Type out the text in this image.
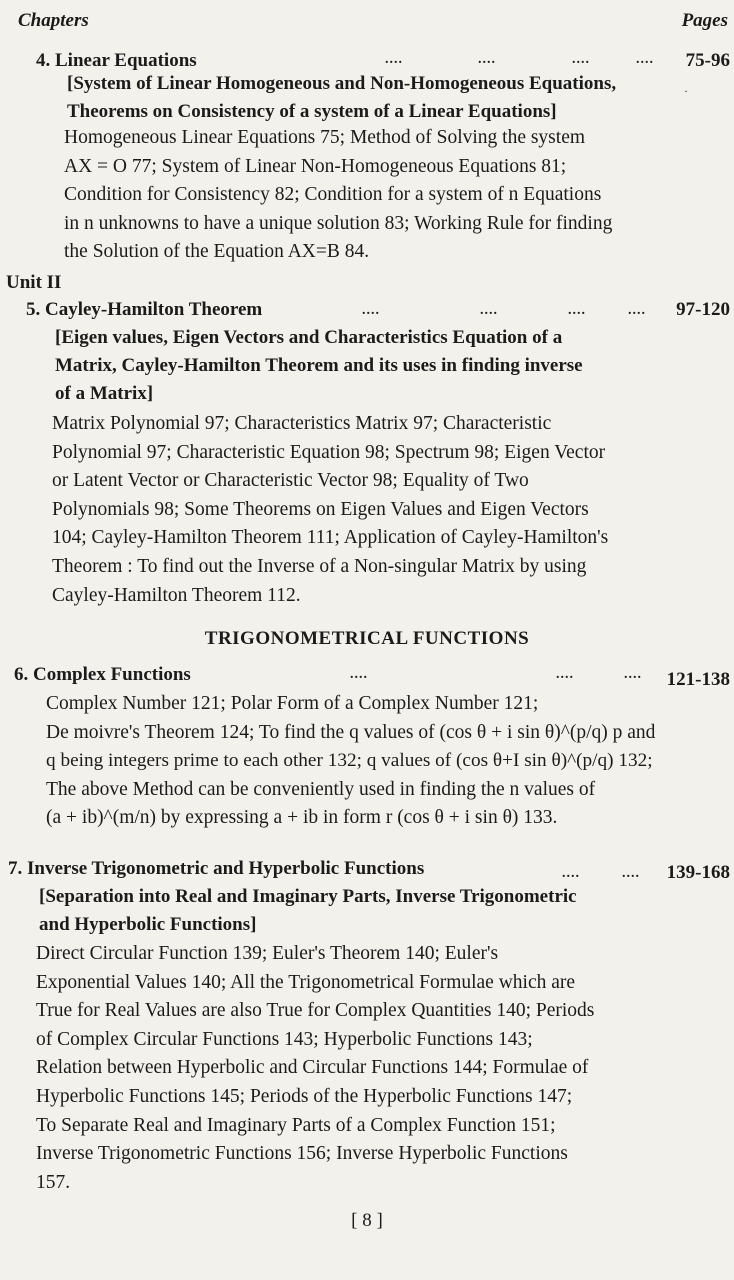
Chapters	Pages
4. Linear Equations	....	....	....	.... 75-96
[System of Linear Homogeneous and Non-Homogeneous Equations,
Theorems on Consistency of a system of a Linear Equations]
·
Homogeneous Linear Equations 75; Method of Solving the system
AX = O 77; System of Linear Non-Homogeneous Equations 81;
Condition for Consistency 82; Condition for a system of n Equations
in n unknowns to have a unique solution 83; Working Rule for finding
the Solution of the Equation AX=B 84.
Unit II
5. Cayley-Hamilton Theorem	....	....	....	.... 97-120
[Eigen values, Eigen Vectors and Characteristics Equation of a
Matrix, Cayley-Hamilton Theorem and its uses in finding inverse
of a Matrix]
Matrix Polynomial 97; Characteristics Matrix 97; Characteristic
Polynomial 97; Characteristic Equation 98; Spectrum 98; Eigen Vector
or Latent Vector or Characteristic Vector 98; Equality of Two
Polynomials 98; Some Theorems on Eigen Values and Eigen Vectors
104; Cayley-Hamilton Theorem 111; Application of Cayley-Hamilton's
Theorem : To find out the Inverse of a Non-singular Matrix by using
Cayley-Hamilton Theorem 112.
TRIGONOMETRICAL FUNCTIONS
6. Complex Functions	....	....	.... 121-138
Complex Number 121; Polar Form of a Complex Number 121;
De moivre's Theorem 124; To find the q values of (cos θ + i sin θ)^(p/q) p and
q being integers prime to each other 132; q values of (cos θ+I sin θ)^(p/q) 132;
The above Method can be conveniently used in finding the n values of
(a + ib)^(m/n) by expressing a + ib in form r (cos θ + i sin θ) 133.
7. Inverse Trigonometric and Hyperbolic Functions	....	.... 139-168
[Separation into Real and Imaginary Parts, Inverse Trigonometric
and Hyperbolic Functions]
Direct Circular Function 139; Euler's Theorem 140; Euler's
Exponential Values 140; All the Trigonometrical Formulae which are
True for Real Values are also True for Complex Quantities 140; Periods
of Complex Circular Functions 143; Hyperbolic Functions 143;
Relation between Hyperbolic and Circular Functions 144; Formulae of
Hyperbolic Functions 145; Periods of the Hyperbolic Functions 147;
To Separate Real and Imaginary Parts of a Complex Function 151;
Inverse Trigonometric Functions 156; Inverse Hyperbolic Functions
157.
[ 8 ]
